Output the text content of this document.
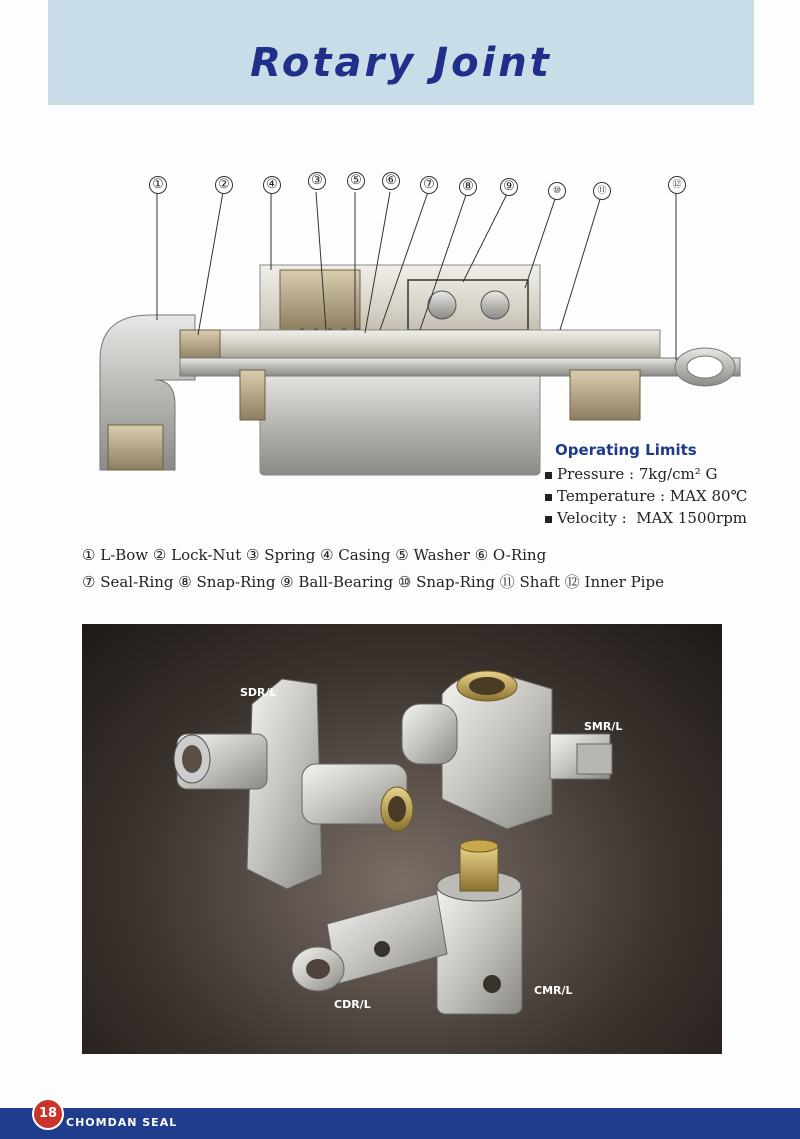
Rotary Joint
①	②	④	③ ⑤ ⑥ ⑦ ⑧ ⑨	⑩	⑪
⑫
Operating Limits
Pressure : 7kg/cm² G
Temperature : MAX 80℃
Velocity :  MAX 1500rpm
① L-Bow ② Lock-Nut ③ Spring ④ Casing ⑤ Washer ⑥ O-Ring
⑦ Seal-Ring ⑧ Snap-Ring ⑨ Ball-Bearing ⑩ Snap-Ring ⑪ Shaft ⑫ Inner Pipe
SDR/L
SMR/L
CDR/L
CMR/L
18
CHOMDAN SEAL
